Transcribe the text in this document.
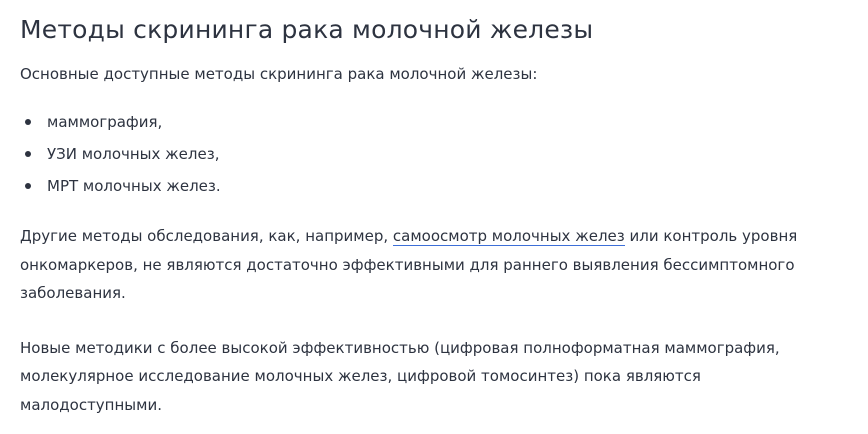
Методы скрининга рака молочной железы

Основные доступные методы скрининга рака молочной железы:

маммография,
УЗИ молочных желез,
МРТ молочных желез.

Другие методы обследования, как, например, самоосмотр молочных желез или контроль уровня
онкомаркеров, не являются достаточно эффективными для раннего выявления бессимптомного
заболевания.

Новые методики с более высокой эффективностью (цифровая полноформатная маммография,
молекулярное исследование молочных желез, цифровой томосинтез) пока являются
малодоступными.
